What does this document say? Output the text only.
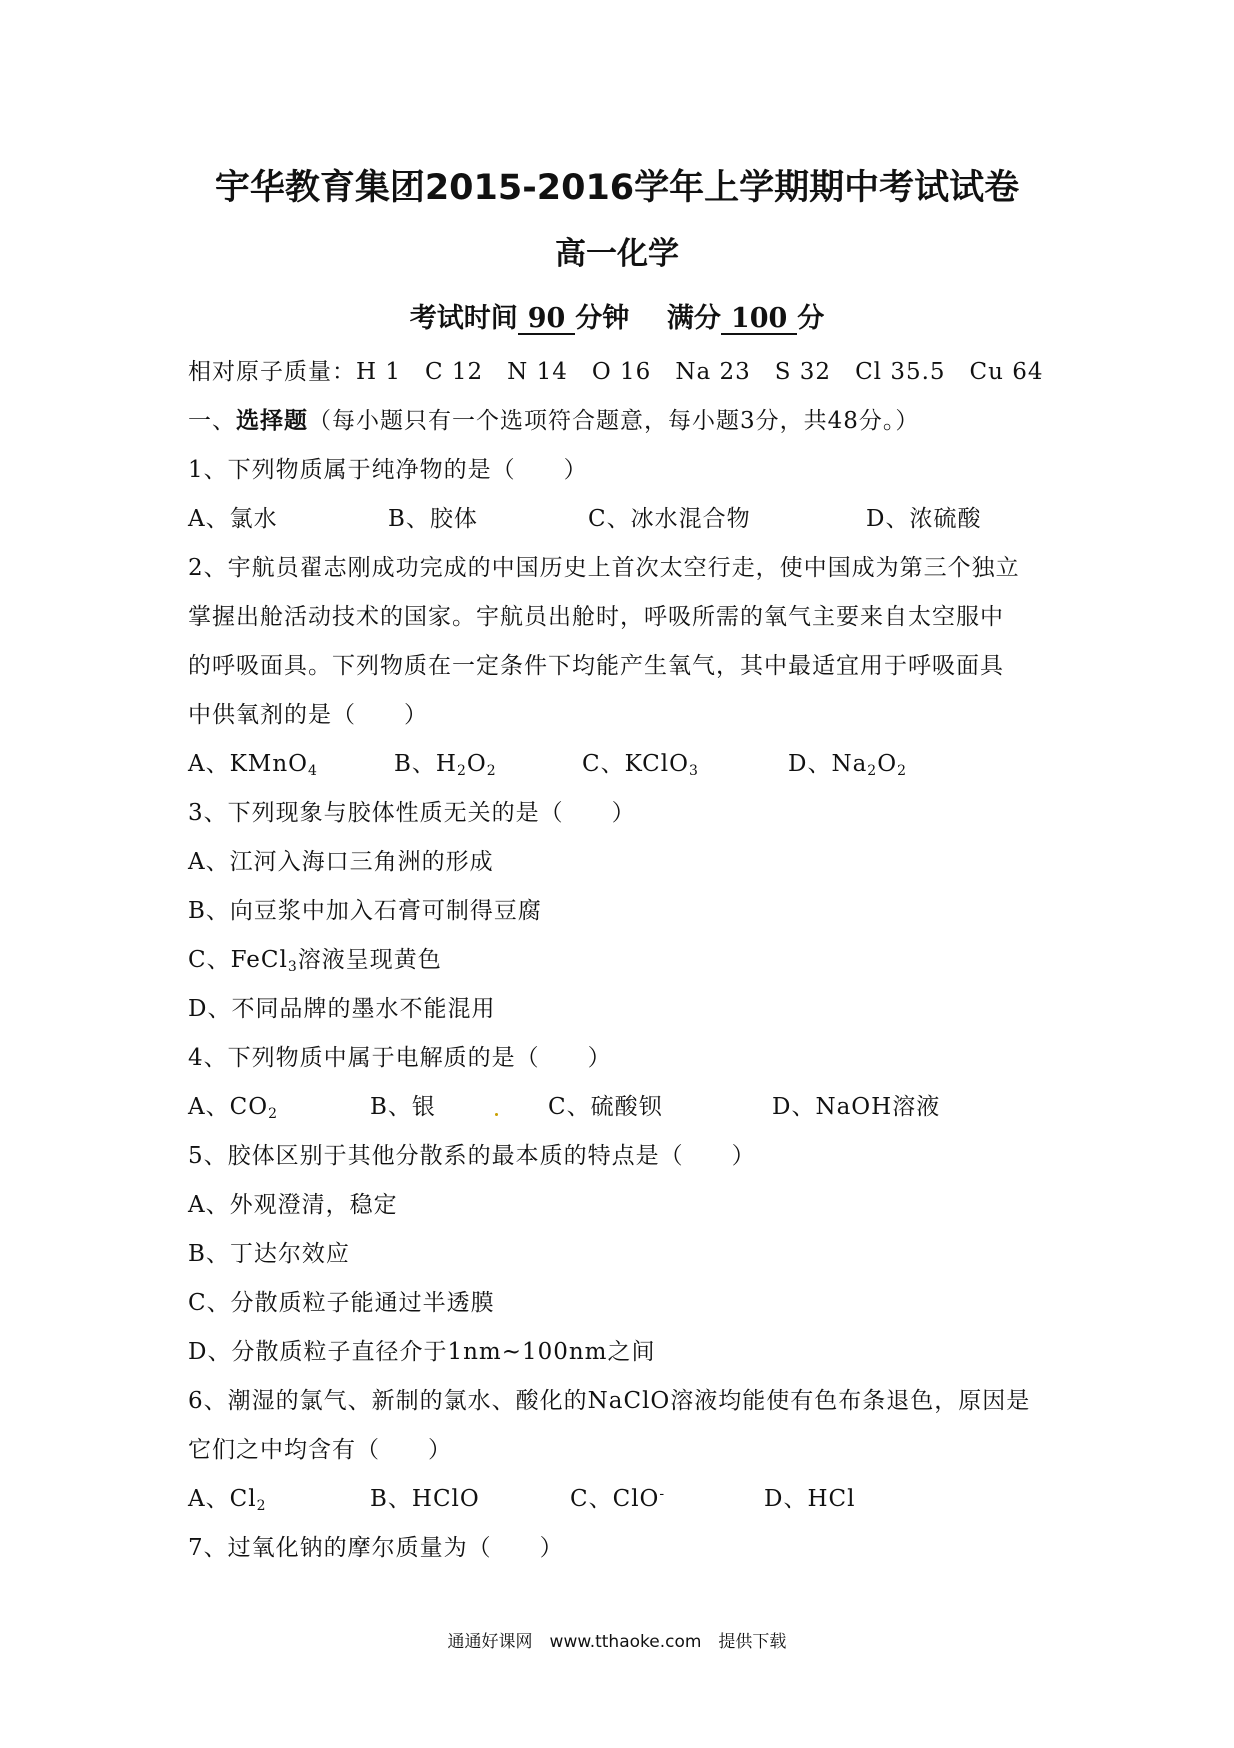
宇华教育集团2015-2016学年上学期期中考试试卷
高一化学
考试时间 90 分钟 满分 100 分
相对原子质量：H 1　C 12　N 14　O 16　Na 23　S 32　Cl 35.5　Cu 64
一、选择题（每小题只有一个选项符合题意，每小题3分，共48分。）
1、下列物质属于纯净物的是（　　）
A、氯水	B、胶体	C、冰水混合物	D、浓硫酸
2、宇航员翟志刚成功完成的中国历史上首次太空行走，使中国成为第三个独立
掌握出舱活动技术的国家。宇航员出舱时，呼吸所需的氧气主要来自太空服中
的呼吸面具。下列物质在一定条件下均能产生氧气，其中最适宜用于呼吸面具
中供氧剂的是（　　）
A、KMnO$_4$	B、$H_2O_2$	C、KClO$_3$	D、$Na_2O_2$
3、下列现象与胶体性质无关的是（　　）
A、江河入海口三角洲的形成
B、向豆浆中加入石膏可制得豆腐
C、FeCl$_3$溶液呈现黄色
D、不同品牌的墨水不能混用
4、下列物质中属于电解质的是（　　）
A、$CO_2$	B、银	C、硫酸钡	D、NaOH溶液
5、胶体区别于其他分散系的最本质的特点是（　　）
A、外观澄清，稳定
B、丁达尔效应
C、分散质粒子能通过半透膜
D、分散质粒子直径介于1nm~100nm之间
6、潮湿的氯气、新制的氯水、酸化的NaClO溶液均能使有色布条退色，原因是
它们之中均含有（　　）
A、$Cl_2$	B、HClO	C、ClO-	D、HCl
7、过氧化钠的摩尔质量为（　　）
通通好课网　www.tthaoke.com　提供下载
